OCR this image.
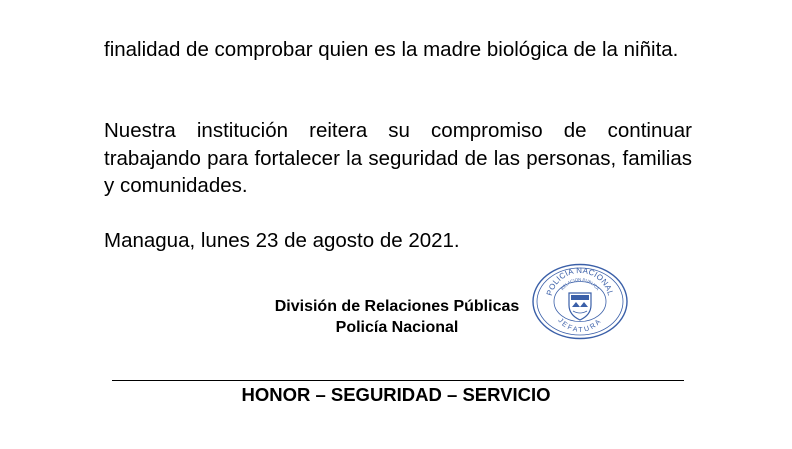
finalidad de comprobar quien es la madre biológica de la niñita.

Nuestra institución reitera su compromiso de continuar trabajando para fortalecer la seguridad de las personas, familias y comunidades.

Managua, lunes 23 de agosto de 2021.

División de Relaciones Públicas
Policía Nacional
POLICIA NACIONAL
RELACION PUBLICA
JEFATURA
HONOR – SEGURIDAD – SERVICIO
